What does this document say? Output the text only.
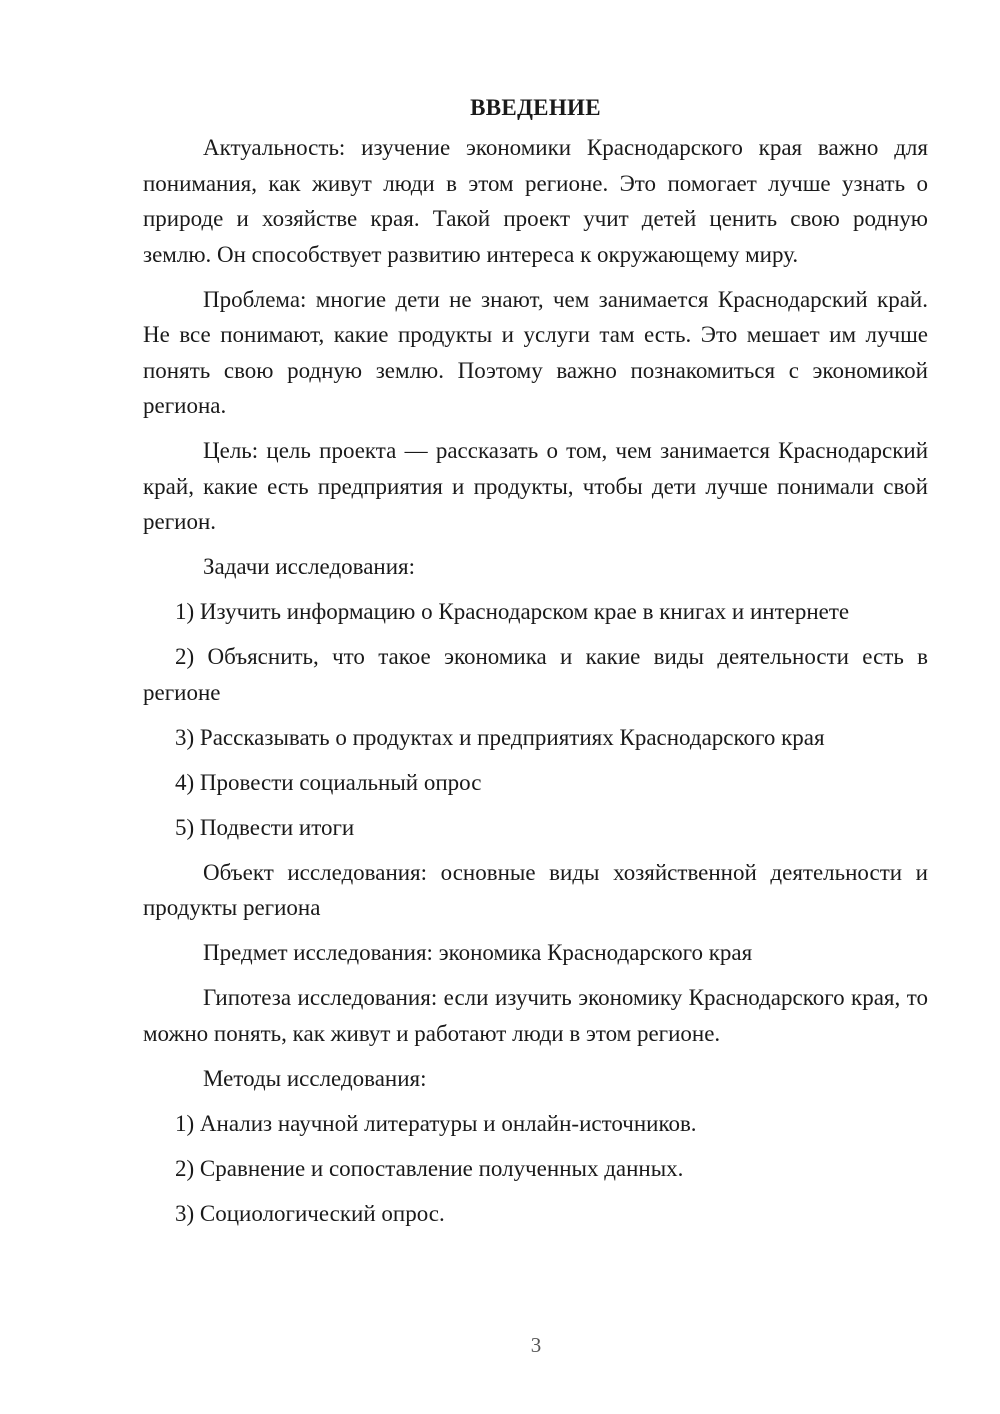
ВВЕДЕНИЕ

Актуальность: изучение экономики Краснодарского края важно для понимания, как живут люди в этом регионе. Это помогает лучше узнать о природе и хозяйстве края. Такой проект учит детей ценить свою родную землю. Он способствует развитию интереса к окружающему миру.

Проблема: многие дети не знают, чем занимается Краснодарский край. Не все понимают, какие продукты и услуги там есть. Это мешает им лучше понять свою родную землю. Поэтому важно познакомиться с экономикой региона.

Цель: цель проекта — рассказать о том, чем занимается Краснодарский край, какие есть предприятия и продукты, чтобы дети лучше понимали свой регион.

Задачи исследования:

1) Изучить информацию о Краснодарском крае в книгах и интернете

2) Объяснить, что такое экономика и какие виды деятельности есть в регионе

3) Рассказывать о продуктах и предприятиях Краснодарского края

4) Провести социальный опрос

5) Подвести итоги

Объект исследования: основные виды хозяйственной деятельности и продукты региона

Предмет исследования: экономика Краснодарского края

Гипотеза исследования: если изучить экономику Краснодарского края, то можно понять, как живут и работают люди в этом регионе.

Методы исследования:

1) Анализ научной литературы и онлайн-источников.

2) Сравнение и сопоставление полученных данных.

3) Социологический опрос.

3
